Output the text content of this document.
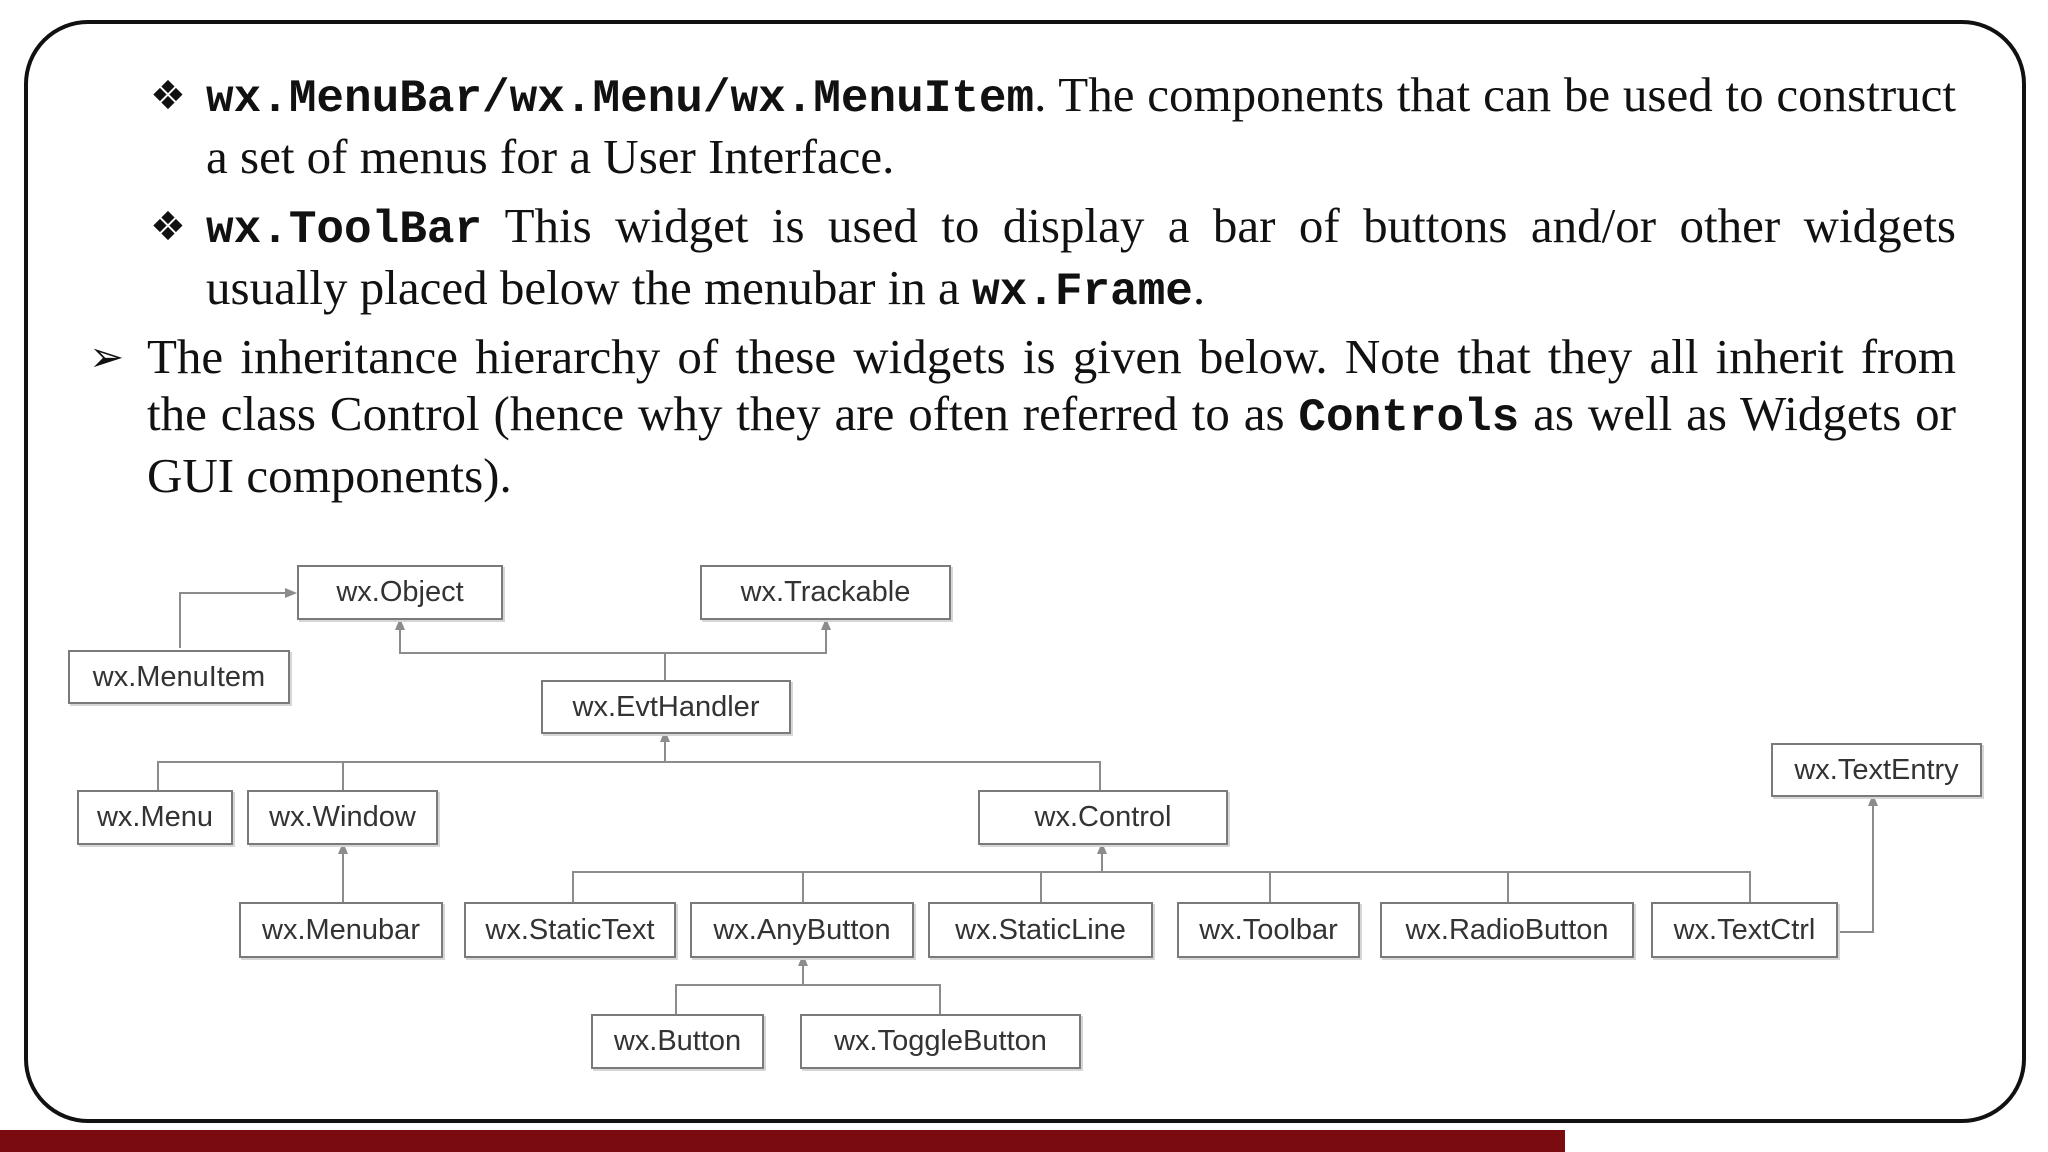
❖ wx.MenuBar/wx.Menu/wx.MenuItem. The components that can be used to construct a set of menus for a User Interface.

❖ wx.ToolBar This widget is used to display a bar of buttons and/or other widgets usually placed below the menubar in a wx.Frame.

➢ The inheritance hierarchy of these widgets is given below. Note that they all inherit from the class Control (hence why they are often referred to as Controls as well as Widgets or GUI components).

wx.Object	wx.Trackable
wx.MenuItem
wx.EvtHandler
wx.TextEntry
wx.Menu	wx.Window	wx.Control
wx.Menubar	wx.StaticText	wx.AnyButton	wx.StaticLine	wx.Toolbar	wx.RadioButton	wx.TextCtrl
wx.Button	wx.ToggleButton
